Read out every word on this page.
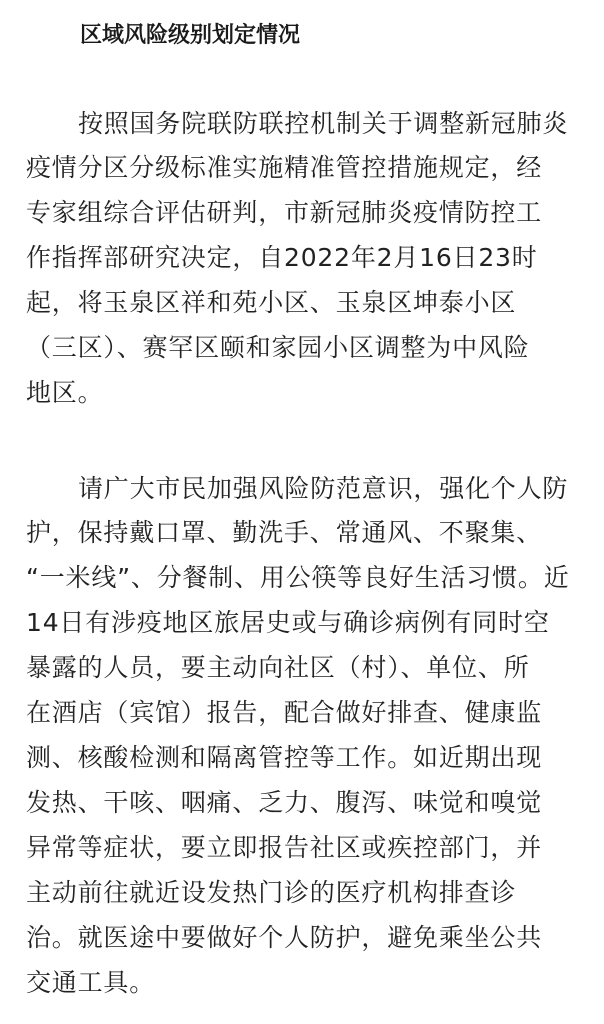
区域风险级别划定情况

按照国务院联防联控机制关于调整新冠肺炎

疫情分区分级标准实施精准管控措施规定，经

专家组综合评估研判，市新冠肺炎疫情防控工

作指挥部研究决定，自2022年2月16日23时

起，将玉泉区祥和苑小区、玉泉区坤泰小区

（三区）、赛罕区颐和家园小区调整为中风险

地区。

请广大市民加强风险防范意识，强化个人防

护，保持戴口罩、勤洗手、常通风、不聚集、

“一米线”、分餐制、用公筷等良好生活习惯。近

14日有涉疫地区旅居史或与确诊病例有同时空

暴露的人员，要主动向社区（村）、单位、所

在酒店（宾馆）报告，配合做好排查、健康监

测、核酸检测和隔离管控等工作。如近期出现

发热、干咳、咽痛、乏力、腹泻、味觉和嗅觉

异常等症状，要立即报告社区或疾控部门，并

主动前往就近设发热门诊的医疗机构排查诊

治。就医途中要做好个人防护，避免乘坐公共

交通工具。
